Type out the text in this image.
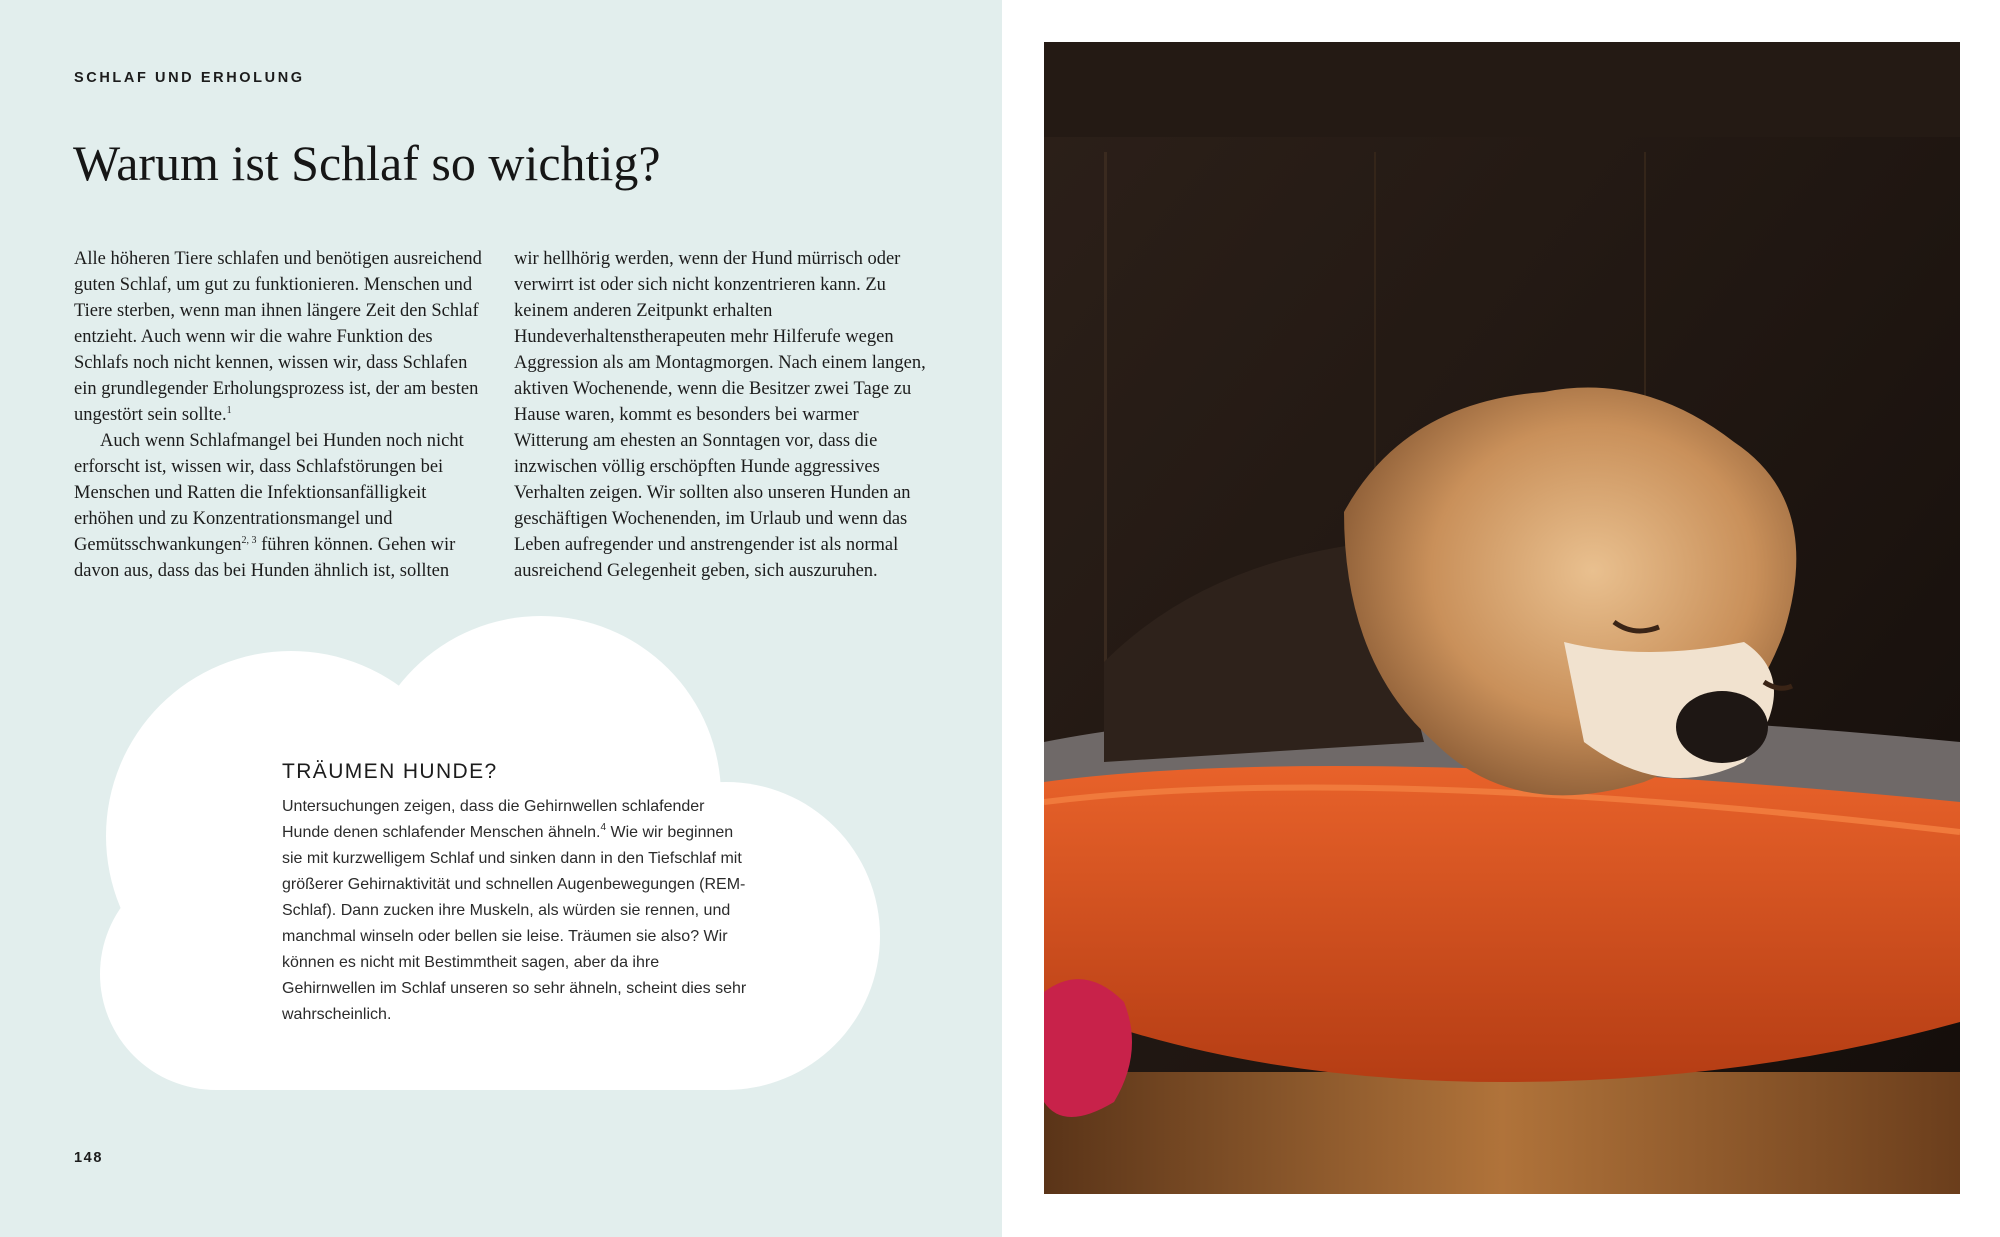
SCHLAF UND ERHOLUNG
Warum ist Schlaf so wichtig?

Alle höheren Tiere schlafen und benötigen ausreichend guten Schlaf, um gut zu funktionieren. Menschen und Tiere sterben, wenn man ihnen längere Zeit den Schlaf entzieht. Auch wenn wir die wahre Funktion des Schlafs noch nicht kennen, wissen wir, dass Schlafen ein grundlegender Erholungsprozess ist, der am besten ungestört sein sollte.$^1$

Auch wenn Schlafmangel bei Hunden noch nicht erforscht ist, wissen wir, dass Schlafstörungen bei Menschen und Ratten die Infektionsanfälligkeit erhöhen und zu Konzentrationsmangel und Gemütsschwankungen$^{2, 3}$ führen können. Gehen wir davon aus, dass das bei Hunden ähnlich ist, sollten

wir hellhörig werden, wenn der Hund mürrisch oder verwirrt ist oder sich nicht konzentrieren kann. Zu keinem anderen Zeitpunkt erhalten Hundeverhaltenstherapeuten mehr Hilferufe wegen Aggression als am Montagmorgen. Nach einem langen, aktiven Wochenende, wenn die Besitzer zwei Tage zu Hause waren, kommt es besonders bei warmer Witterung am ehesten an Sonntagen vor, dass die inzwischen völlig erschöpften Hunde aggressives Verhalten zeigen. Wir sollten also unseren Hunden an geschäftigen Wochenenden, im Urlaub und wenn das Leben aufregender und anstrengender ist als normal ausreichend Gelegenheit geben, sich auszuruhen.

TRÄUMEN HUNDE?

Untersuchungen zeigen, dass die Gehirnwellen schlafender Hunde denen schlafender Menschen ähneln.$^4$ Wie wir beginnen sie mit kurzwelligem Schlaf und sinken dann in den Tiefschlaf mit größerer Gehirnaktivität und schnellen Augenbewegungen (REM-Schlaf). Dann zucken ihre Muskeln, als würden sie rennen, und manchmal winseln oder bellen sie leise. Träumen sie also? Wir können es nicht mit Bestimmtheit sagen, aber da ihre Gehirnwellen im Schlaf unseren so sehr ähneln, scheint dies sehr wahrscheinlich.

148
